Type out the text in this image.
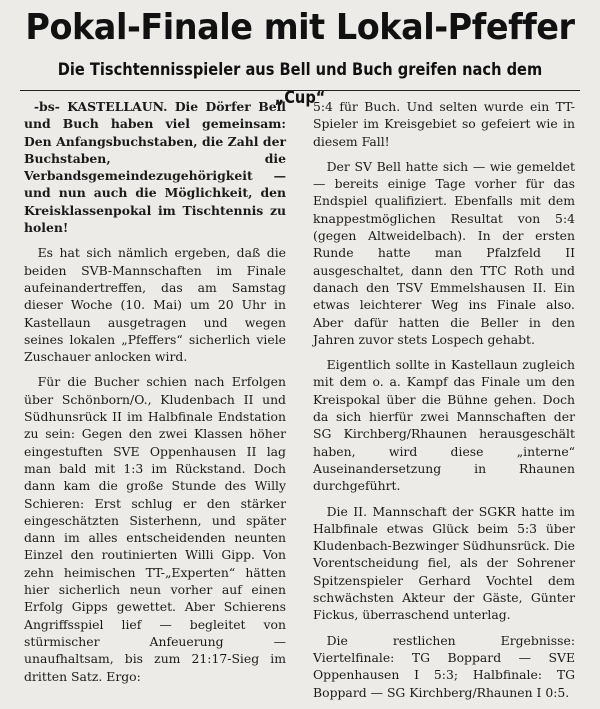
Pokal-Finale mit Lokal-Pfeffer
Die Tischtennisspieler aus Bell und Buch greifen nach dem „Cup“

-bs- KASTELLAUN. Die Dörfer Bell und Buch haben viel gemeinsam: Den Anfangsbuchstaben, die Zahl der Buchstaben, die Verbandsgemeindezugehörigkeit — und nun auch die Möglichkeit, den Kreisklassenpokal im Tischtennis zu holen!

Es hat sich nämlich ergeben, daß die beiden SVB-Mannschaften im Finale aufeinandertreffen, das am Samstag dieser Woche (10. Mai) um 20 Uhr in Kastellaun ausgetragen und wegen seines lokalen „Pfeffers“ sicherlich viele Zuschauer anlocken wird.

Für die Bucher schien nach Erfolgen über Schönborn/O., Kludenbach II und Südhunsrück II im Halbfinale Endstation zu sein: Gegen den zwei Klassen höher eingestuften SVE Oppenhausen II lag man bald mit 1:3 im Rückstand. Doch dann kam die große Stunde des Willy Schieren: Erst schlug er den stärker eingeschätzten Sisterhenn, und später dann im alles entscheidenden neunten Einzel den routinierten Willi Gipp. Von zehn heimischen TT-„Experten“ hätten hier sicherlich neun vorher auf einen Erfolg Gipps gewettet. Aber Schierens Angriffsspiel lief — begleitet von stürmischer Anfeuerung — unaufhaltsam, bis zum 21:17-Sieg im dritten Satz. Ergo:

5:4 für Buch. Und selten wurde ein TT-Spieler im Kreisgebiet so gefeiert wie in diesem Fall!

Der SV Bell hatte sich — wie gemeldet — bereits einige Tage vorher für das Endspiel qualifiziert. Ebenfalls mit dem knappestmöglichen Resultat von 5:4 (gegen Altweidelbach). In der ersten Runde hatte man Pfalzfeld II ausgeschaltet, dann den TTC Roth und danach den TSV Emmelshausen II. Ein etwas leichterer Weg ins Finale also. Aber dafür hatten die Beller in den Jahren zuvor stets Lospech gehabt.

Eigentlich sollte in Kastellaun zugleich mit dem o. a. Kampf das Finale um den Kreispokal über die Bühne gehen. Doch da sich hierfür zwei Mannschaften der SG Kirchberg/Rhaunen herausgeschält haben, wird diese „interne“ Auseinandersetzung in Rhaunen durchgeführt.

Die II. Mannschaft der SGKR hatte im Halbfinale etwas Glück beim 5:3 über Kludenbach-Bezwinger Südhunsrück. Die Vorentscheidung fiel, als der Sohrener Spitzenspieler Gerhard Vochtel dem schwächsten Akteur der Gäste, Günter Fickus, überraschend unterlag.

Die restlichen Ergebnisse: Viertelfinale: TG Boppard — SVE Oppenhausen I 5:3; Halbfinale: TG Boppard — SG Kirchberg/Rhaunen I 0:5.
